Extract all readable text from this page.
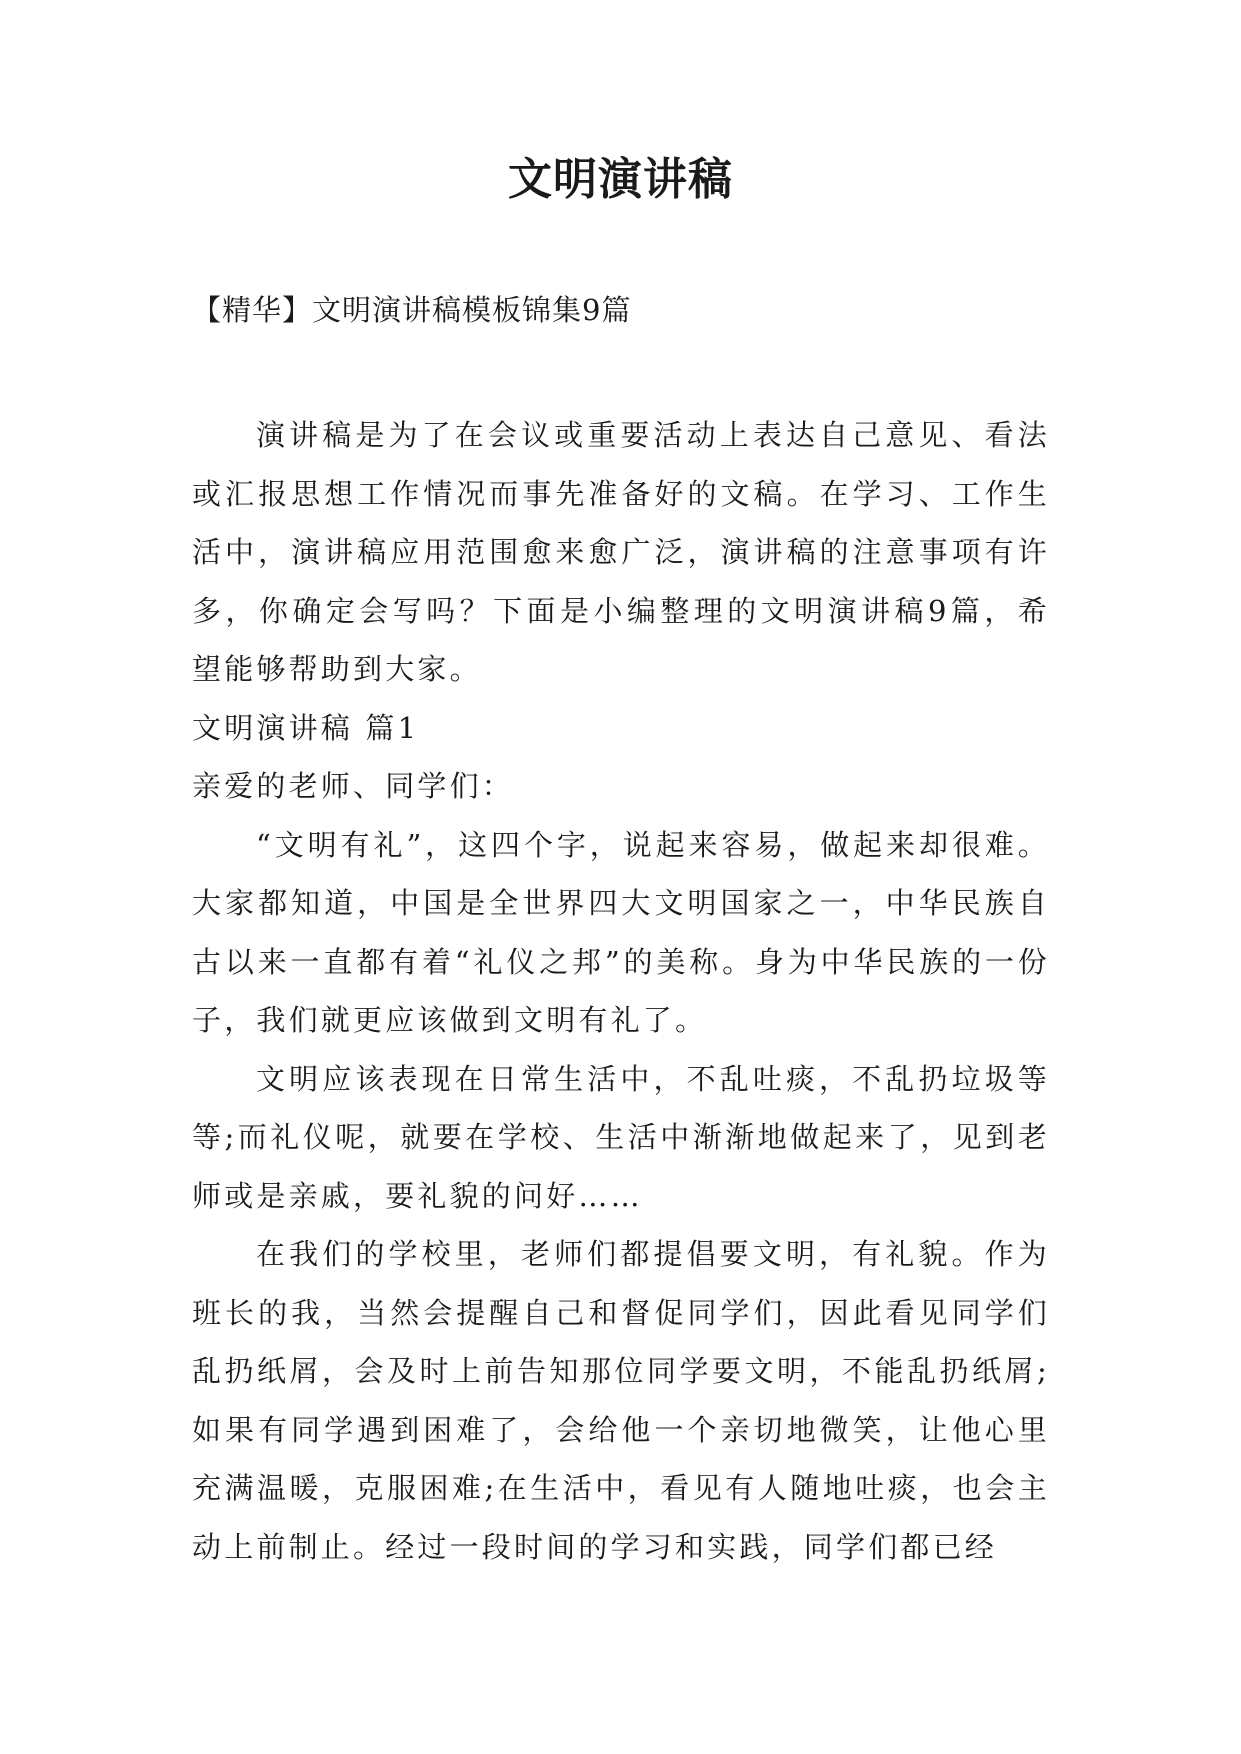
文明演讲稿
【精华】文明演讲稿模板锦集9篇

演讲稿是为了在会议或重要活动上表达自己意见、看法或汇报思想工作情况而事先准备好的文稿。在学习、工作生活中，演讲稿应用范围愈来愈广泛，演讲稿的注意事项有许多，你确定会写吗？下面是小编整理的文明演讲稿9篇，希望能够帮助到大家。

文明演讲稿 篇1

亲爱的老师、同学们：

“文明有礼”，这四个字，说起来容易，做起来却很难。大家都知道，中国是全世界四大文明国家之一，中华民族自古以来一直都有着“礼仪之邦”的美称。身为中华民族的一份子，我们就更应该做到文明有礼了。

文明应该表现在日常生活中，不乱吐痰，不乱扔垃圾等等;而礼仪呢，就要在学校、生活中渐渐地做起来了，见到老师或是亲戚，要礼貌的问好……

在我们的学校里，老师们都提倡要文明，有礼貌。作为班长的我，当然会提醒自己和督促同学们，因此看见同学们乱扔纸屑，会及时上前告知那位同学要文明，不能乱扔纸屑;如果有同学遇到困难了，会给他一个亲切地微笑，让他心里充满温暖，克服困难;在生活中，看见有人随地吐痰，也会主动上前制止。经过一段时间的学习和实践，同学们都已经
